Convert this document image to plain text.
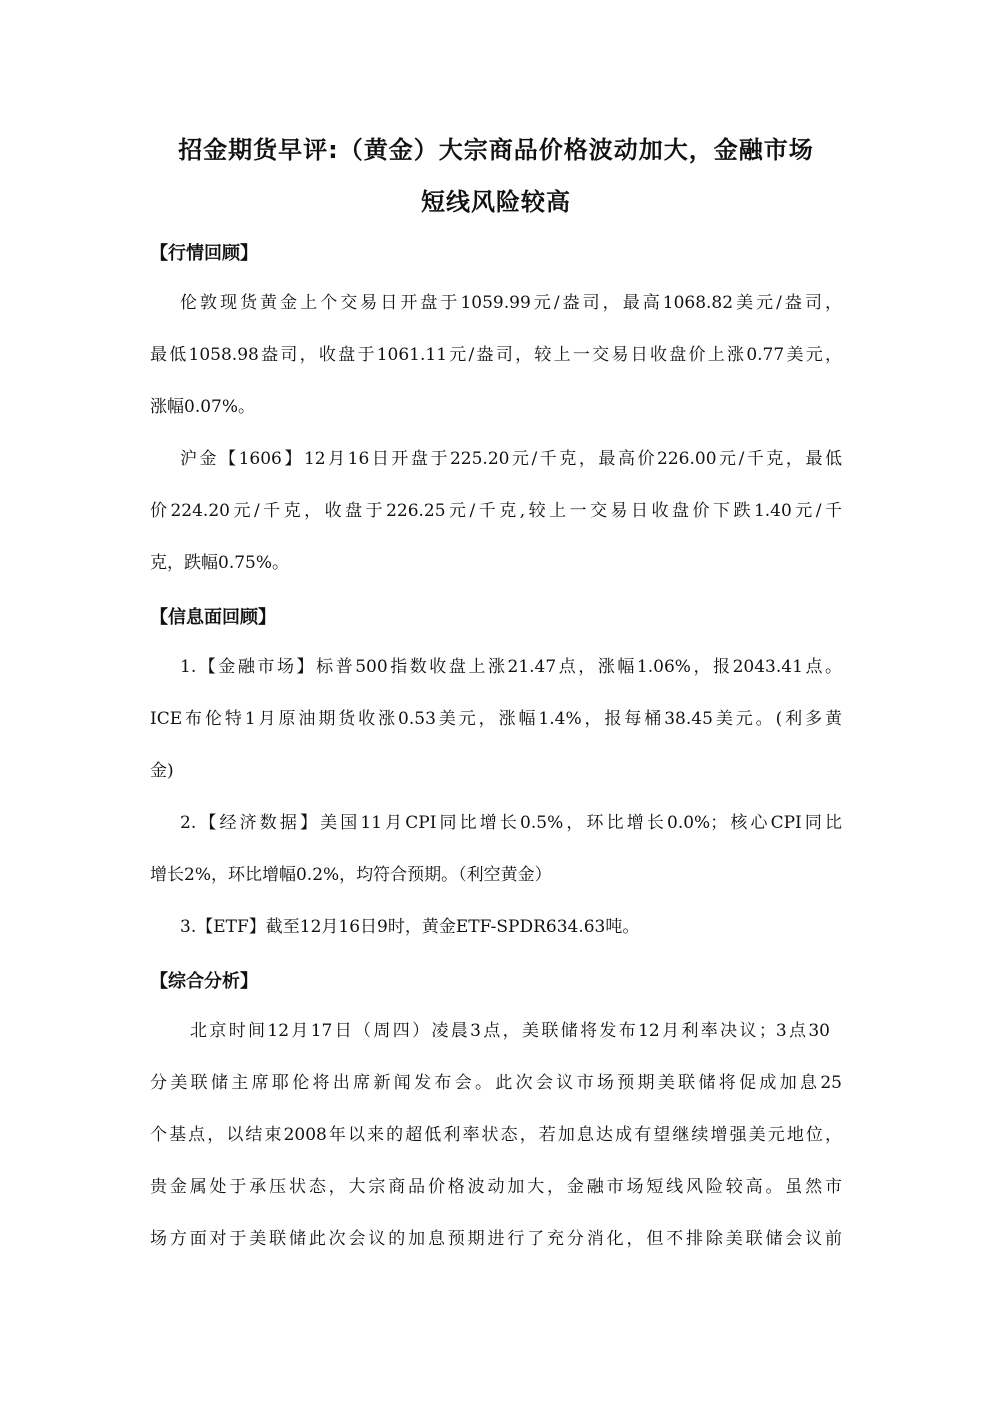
招金期货早评:（黄金）大宗商品价格波动加大，金融市场
短线风险较高
【行情回顾】
伦敦现货黄金上个交易日开盘于1059.99元/盎司，最高1068.82美元/盎司，
最低1058.98盎司，收盘于1061.11元/盎司，较上一交易日收盘价上涨0.77美元，
涨幅0.07%。
沪金【1606】12月16日开盘于225.20元/千克，最高价226.00元/千克，最低
价224.20元/千克，收盘于226.25元/千克,较上一交易日收盘价下跌1.40元/千
克，跌幅0.75%。
【信息面回顾】
1.【金融市场】标普500指数收盘上涨21.47点，涨幅1.06%，报2043.41点。
ICE布伦特1月原油期货收涨0.53美元，涨幅1.4%，报每桶38.45美元。(利多黄
金)
2.【经济数据】美国11月CPI同比增长0.5%，环比增长0.0%；核心CPI同比
增长2%，环比增幅0.2%，均符合预期。（利空黄金）
3.【ETF】截至12月16日9时，黄金ETF-SPDR634.63吨。
【综合分析】
北京时间12月17日（周四）凌晨3点，美联储将发布12月利率决议；3点30
分美联储主席耶伦将出席新闻发布会。此次会议市场预期美联储将促成加息25
个基点，以结束2008年以来的超低利率状态，若加息达成有望继续增强美元地位，
贵金属处于承压状态，大宗商品价格波动加大，金融市场短线风险较高。虽然市
场方面对于美联储此次会议的加息预期进行了充分消化，但不排除美联储会议前
